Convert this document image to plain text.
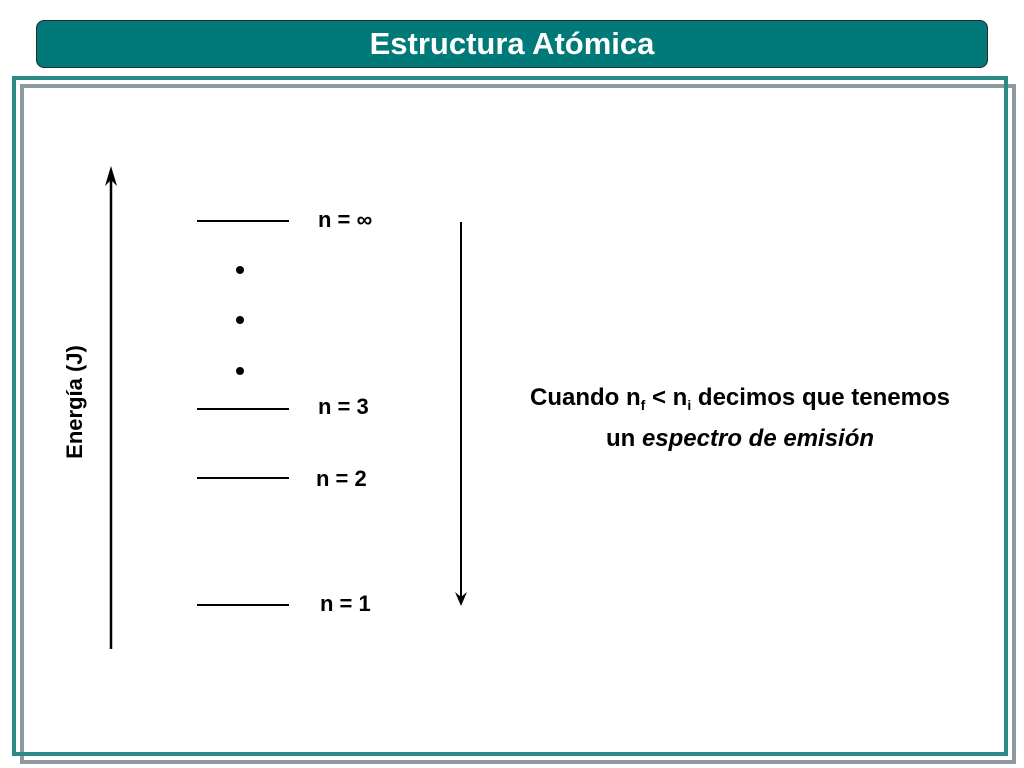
Estructura Atómica
Energía (J)
n = ∞
n = 3
n = 2
n = 1
Cuando $n_f < n_i$ decimos que tenemos
un espectro de emisión
